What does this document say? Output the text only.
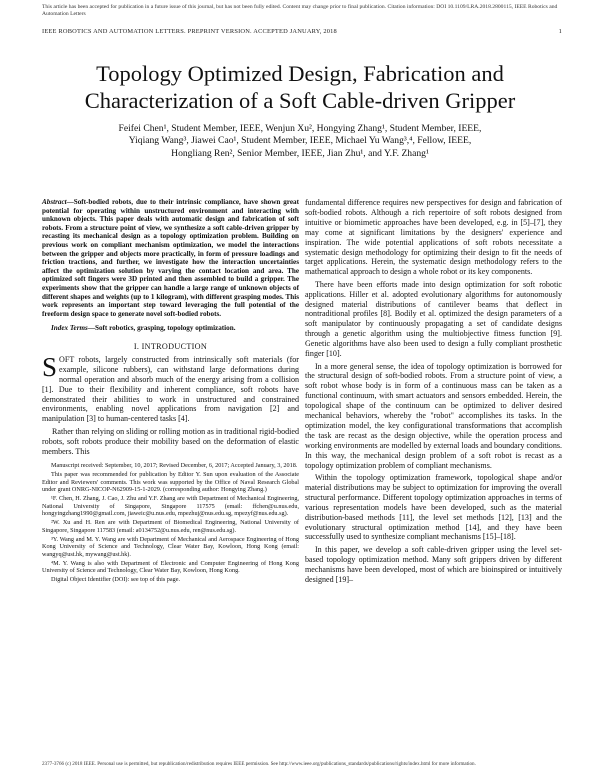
This article has been accepted for publication in a future issue of this journal, but has not been fully edited. Content may change prior to final publication. Citation information: DOI 10.1109/LRA.2018.2800115, IEEE Robotics and Automation Letters
IEEE ROBOTICS AND AUTOMATION LETTERS. PREPRINT VERSION. ACCEPTED JANUARY, 2018	1
Topology Optimized Design, Fabrication and
Characterization of a Soft Cable-driven Gripper
Feifei Chen¹, Student Member, IEEE, Wenjun Xu², Hongying Zhang¹, Student Member, IEEE,
Yiqiang Wang³, Jiawei Cao¹, Student Member, IEEE, Michael Yu Wang³,⁴, Fellow, IEEE,
Hongliang Ren², Senior Member, IEEE, Jian Zhu¹, and Y.F. Zhang¹
Abstract—Soft-bodied robots, due to their intrinsic compliance, have shown great potential for operating within unstructured environment and interacting with unknown objects. This paper deals with automatic design and fabrication of soft robots. From a structure point of view, we synthesize a soft cable-driven gripper by recasting its mechanical design as a topology optimization problem. Building on previous work on compliant mechanism optimization, we model the interactions between the gripper and objects more practically, in form of pressure loadings and friction tractions, and further, we investigate how the interaction uncertainties affect the optimization solution by varying the contact location and area. The optimized soft fingers were 3D printed and then assembled to build a gripper. The experiments show that the gripper can handle a large range of unknown objects of different shapes and weights (up to 1 kilogram), with different grasping modes. This work represents an important step toward leveraging the full potential of the freeform design space to generate novel soft-bodied robots.
Index Terms—Soft robotics, grasping, topology optimization.
I. INTRODUCTION

SOFT robots, largely constructed from intrinsically soft materials (for example, silicone rubbers), can withstand large deformations during normal operation and absorb much of the energy arising from a collision [1]. Due to their flexibility and inherent compliance, soft robots have demonstrated their abilities to work in unstructured and constrained environments, enabling novel applications from navigation [2] and manipulation [3] to human-centered tasks [4].

Rather than relying on sliding or rolling motion as in traditional rigid-bodied robots, soft robots produce their mobility based on the deformation of elastic members. This

Manuscript received: September, 10, 2017; Revised December, 6, 2017; Accepted January, 3, 2018.

This paper was recommended for publication by Editor Y. Sun upon evaluation of the Associate Editor and Reviewers' comments. This work was supported by the Office of Naval Research Global under grant ONRG-NICOP-N62909-15-1-2029. (corresponding author: Hongying Zhang.)

¹F. Chen, H. Zhang, J. Cao, J. Zhu and Y.F. Zhang are with Department of Mechanical Engineering, National University of Singapore, Singapore 117575 (email: ffchen@u.nus.edu, hongyingzhang1990@gmail.com, jiaweic@u.nus.edu, mpezhuj@nus.edu.sg, mpezyf@nus.edu.sg).

²W. Xu and H. Ren are with Department of Biomedical Engineering, National University of Singapore, Singapore 117583 (email: a0134752@u.nus.edu, ren@nus.edu.sg).

³Y. Wang and M. Y. Wang are with Department of Mechanical and Aerospace Engineering of Hong Kong University of Science and Technology, Clear Water Bay, Kowloon, Hong Kong (email: wangyq@ust.hk, mywang@ust.hk).

⁴M. Y. Wang is also with Department of Electronic and Computer Engineering of Hong Kong University of Science and Technology, Clear Water Bay, Kowloon, Hong Kong.

Digital Object Identifier (DOI): see top of this page.

fundamental difference requires new perspectives for design and fabrication of soft-bodied robots. Although a rich repertoire of soft robots designed from intuitive or biomimetic approaches have been developed, e.g. in [5]–[7], they may come at significant limitations by the designers' experience and inspiration. The wide potential applications of soft robots necessitate a systematic design methodology for optimizing their design to fit the needs of target applications. Herein, the systematic design methodology refers to the mathematical approach to design a whole robot or its key components.

There have been efforts made into design optimization for soft robotic applications. Hiller et al. adopted evolutionary algorithms for autonomously designed material distributions of cantilever beams that deflect in nontraditional profiles [8]. Bodily et al. optimized the design parameters of a soft manipulator by continuously propagating a set of candidate designs through a genetic algorithm using the multiobjective fitness function [9]. Genetic algorithms have also been used to design a fully compliant prosthetic finger [10].

In a more general sense, the idea of topology optimization is borrowed for the structural design of soft-bodied robots. From a structure point of view, a soft robot whose body is in form of a continuous mass can be taken as a functional continuum, with smart actuators and sensors embedded. Herein, the topological shape of the continuum can be optimized to deliver desired mechanical behaviors, whereby the "robot" accomplishes its tasks. In the optimization model, the key configurational transformations that accomplish the task are recast as the design objective, while the operation process and working environments are modelled by external loads and boundary conditions. In this way, the mechanical design problem of a soft robot is recast as a topology optimization problem of compliant mechanisms.

Within the topology optimization framework, topological shape and/or material distributions may be subject to optimization for improving the overall structural performance. Different topology optimization approaches in terms of various representation models have been developed, such as the material distribution-based methods [11], the level set methods [12], [13] and the evolutionary structural optimization method [14], and they have been successfully used to synthesize compliant mechanisms [15]–[18].

In this paper, we develop a soft cable-driven gripper using the level set-based topology optimization method. Many soft grippers driven by different mechanisms have been developed, most of which are bioinspired or intuitively designed [19]–

2377-3766 (c) 2018 IEEE. Personal use is permitted, but republication/redistribution requires IEEE permission. See http://www.ieee.org/publications_standards/publications/rights/index.html for more information.
